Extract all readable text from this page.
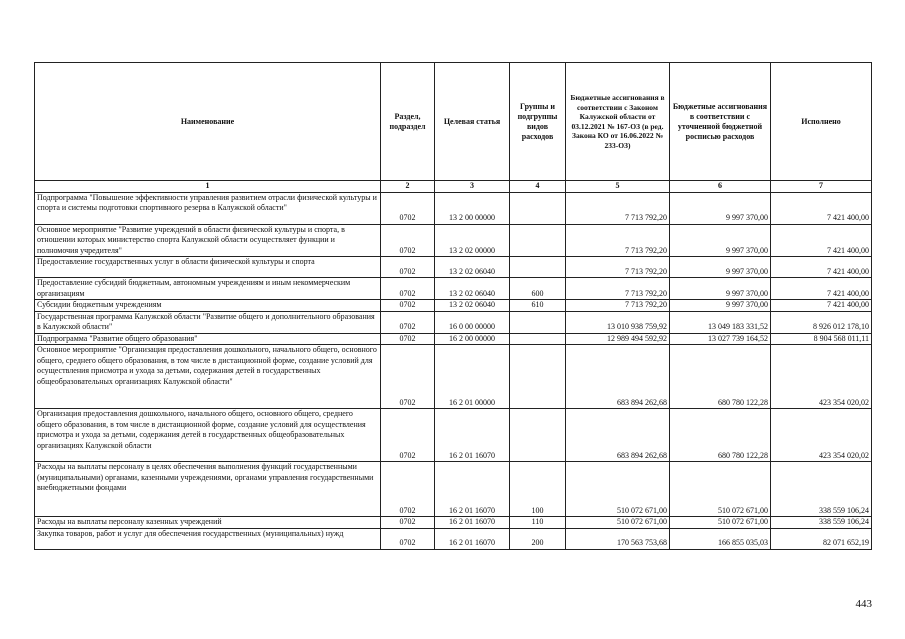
Наименование	Раздел, подраздел	Целевая статья	Группы и подгруппы видов расходов	Бюджетные ассигнования в соответствии с Законом Калужской области от 03.12.2021 № 167-ОЗ (в ред. Закона КО от 16.06.2022 № 233-ОЗ)	Бюджетные ассигнования в соответствии с уточненной бюджетной росписью расходов	Исполнено
1	2	3	4	5	6	7
Подпрограмма "Повышение эффективности управления развитием отрасли физической культуры и спорта и системы подготовки спортивного резерва в Калужской области"	0702	13 2 00 00000		7 713 792,20	9 997 370,00	7 421 400,00
Основное мероприятие "Развитие учреждений в области физической культуры и спорта, в отношении которых министерство спорта Калужской области осуществляет функции и полномочия учредителя"	0702	13 2 02 00000		7 713 792,20	9 997 370,00	7 421 400,00
Предоставление государственных услуг в области физической культуры и спорта	0702	13 2 02 06040		7 713 792,20	9 997 370,00	7 421 400,00
Предоставление субсидий бюджетным, автономным учреждениям и иным некоммерческим организациям	0702	13 2 02 06040	600	7 713 792,20	9 997 370,00	7 421 400,00
Субсидии бюджетным учреждениям	0702	13 2 02 06040	610	7 713 792,20	9 997 370,00	7 421 400,00
Государственная программа Калужской области "Развитие общего и дополнительного образования в Калужской области"	0702	16 0 00 00000		13 010 938 759,92	13 049 183 331,52	8 926 012 178,10
Подпрограмма "Развитие общего образования"	0702	16 2 00 00000		12 989 494 592,92	13 027 739 164,52	8 904 568 011,11
Основное мероприятие "Организация предоставления дошкольного, начального общего, основного общего, среднего общего образования, в том числе в дистанционной форме, создание условий для осуществления присмотра и ухода за детьми, содержания детей в государственных общеобразовательных организациях Калужской области"	0702	16 2 01 00000		683 894 262,68	680 780 122,28	423 354 020,02
Организация предоставления дошкольного, начального общего, основного общего, среднего общего образования, в том числе в дистанционной форме, создание условий для осуществления присмотра и ухода за детьми, содержания детей в государственных общеобразовательных организациях Калужской области	0702	16 2 01 16070		683 894 262,68	680 780 122,28	423 354 020,02
Расходы на выплаты персоналу в целях обеспечения выполнения функций государственными (муниципальными) органами, казенными учреждениями, органами управления государственными внебюджетными фондами	0702	16 2 01 16070	100	510 072 671,00	510 072 671,00	338 559 106,24
Расходы на выплаты персоналу казенных учреждений	0702	16 2 01 16070	110	510 072 671,00	510 072 671,00	338 559 106,24
Закупка товаров, работ и услуг для обеспечения государственных (муниципальных) нужд	0702	16 2 01 16070	200	170 563 753,68	166 855 035,03	82 071 652,19
443
